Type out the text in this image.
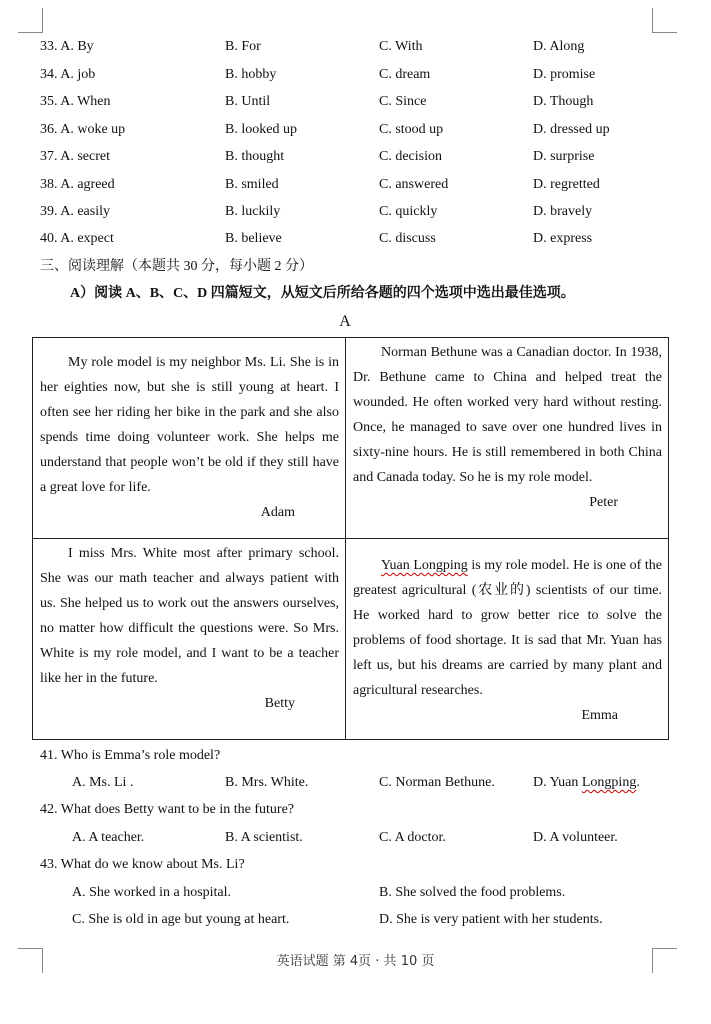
33. A. By	B. For	C. With	D. Along
34. A. job	B. hobby	C. dream	D. promise
35. A. When	B. Until	C. Since	D. Though
36. A. woke up	B. looked up	C. stood up	D. dressed up
37. A. secret	B. thought	C. decision	D. surprise
38. A. agreed	B. smiled	C. answered	D. regretted
39. A. easily	B. luckily	C. quickly	D. bravely
40. A. expect	B. believe	C. discuss	D. express
三、阅读理解（本题共 30 分，每小题 2 分）
A）阅读 A、B、C、D 四篇短文，从短文后所给各题的四个选项中选出最佳选项。
A

My role model is my neighbor Ms. Li. She is in her eighties now, but she is still young at heart. I often see her riding her bike in the park and she also spends time doing volunteer work. She helps me understand that people won’t be old if they still have a great love for life.

Adam

Norman Bethune was a Canadian doctor. In 1938, Dr. Bethune came to China and helped treat the wounded. He often worked very hard without resting. Once, he managed to save over one hundred lives in sixty-nine hours. He is still remembered in both China and Canada today. So he is my role model.

Peter

I miss Mrs. White most after primary school. She was our math teacher and always patient with us. She helped us to work out the answers ourselves, no matter how difficult the questions were. So Mrs. White is my role model, and I want to be a teacher like her in the future.

Betty

Yuan Longping is my role model. He is one of the greatest agricultural (农业的) scientists of our time. He worked hard to grow better rice to solve the problems of food shortage. It is sad that Mr. Yuan has left us, but his dreams are carried by many plant and agricultural researches.

Emma

41. Who is Emma’s role model?
A. Ms. Li .	B. Mrs. White.	C. Norman Bethune.	D. Yuan Longping.
42. What does Betty want to be in the future?
A. A teacher.	B. A scientist.	C. A doctor.	D. A volunteer.
43. What do we know about Ms. Li?
A. She worked in a hospital.	B. She solved the food problems.
C. She is old in age but young at heart.	D. She is very patient with her students.
英语试题 第 4页 · 共 10 页
